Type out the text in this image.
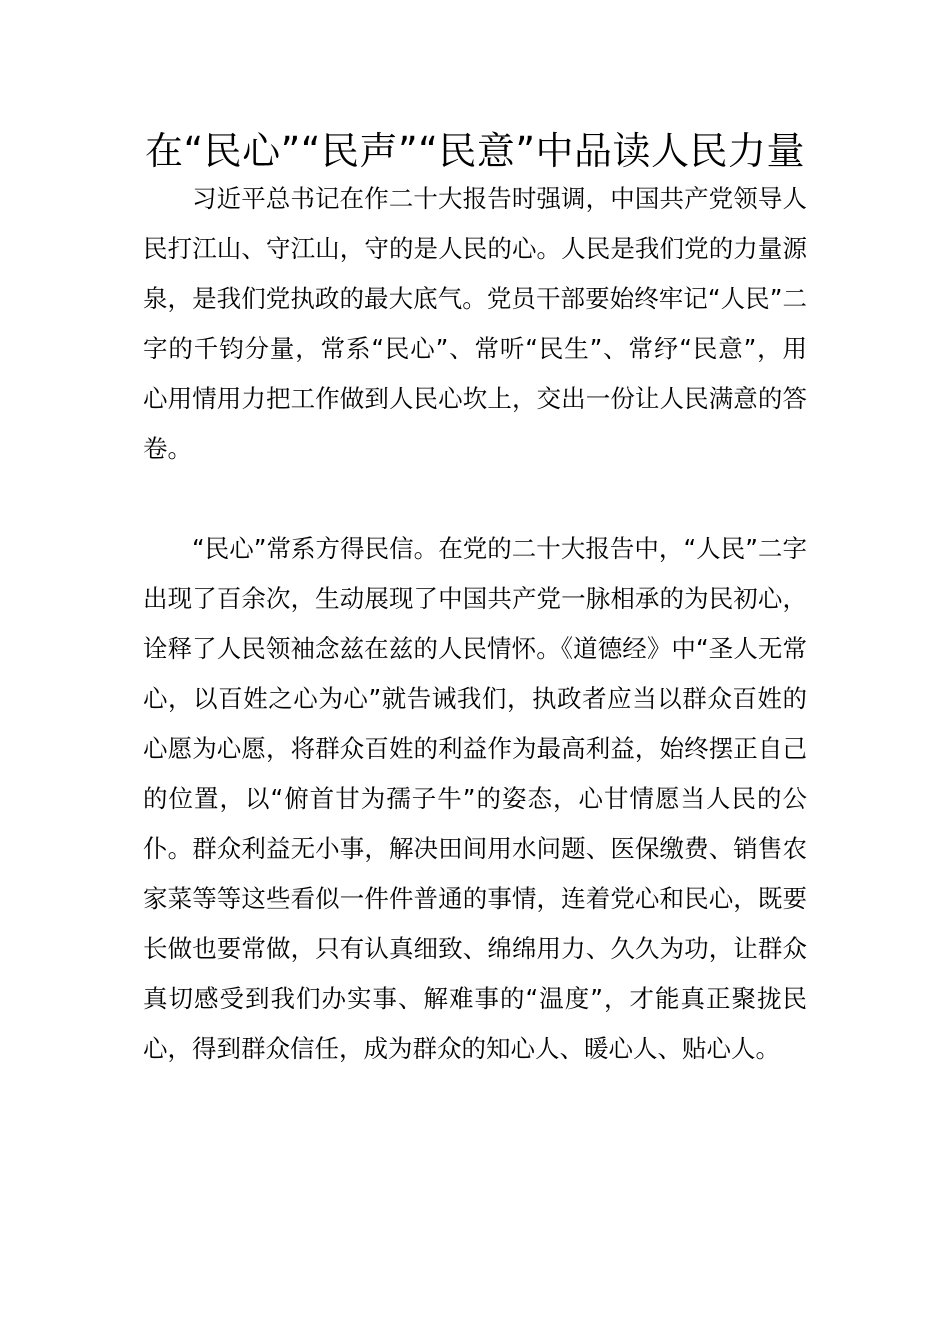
在“民心”“民声”“民意”中品读人民力量

习近平总书记在作二十大报告时强调，中国共产党领导人民打江山、守江山，守的是人民的心。人民是我们党的力量源泉，是我们党执政的最大底气。党员干部要始终牢记“人民”二字的千钧分量，常系“民心”、常听“民生”、常纾“民意”，用心用情用力把工作做到人民心坎上，交出一份让人民满意的答卷。

“民心”常系方得民信。在党的二十大报告中，“人民”二字出现了百余次，生动展现了中国共产党一脉相承的为民初心，诠释了人民领袖念兹在兹的人民情怀。《道德经》中“圣人无常心，以百姓之心为心”就告诫我们，执政者应当以群众百姓的心愿为心愿，将群众百姓的利益作为最高利益，始终摆正自己的位置，以“俯首甘为孺子牛”的姿态，心甘情愿当人民的公仆。群众利益无小事，解决田间用水问题、医保缴费、销售农家菜等等这些看似一件件普通的事情，连着党心和民心，既要长做也要常做，只有认真细致、绵绵用力、久久为功，让群众真切感受到我们办实事、解难事的“温度”，才能真正聚拢民心，得到群众信任，成为群众的知心人、暖心人、贴心人。
